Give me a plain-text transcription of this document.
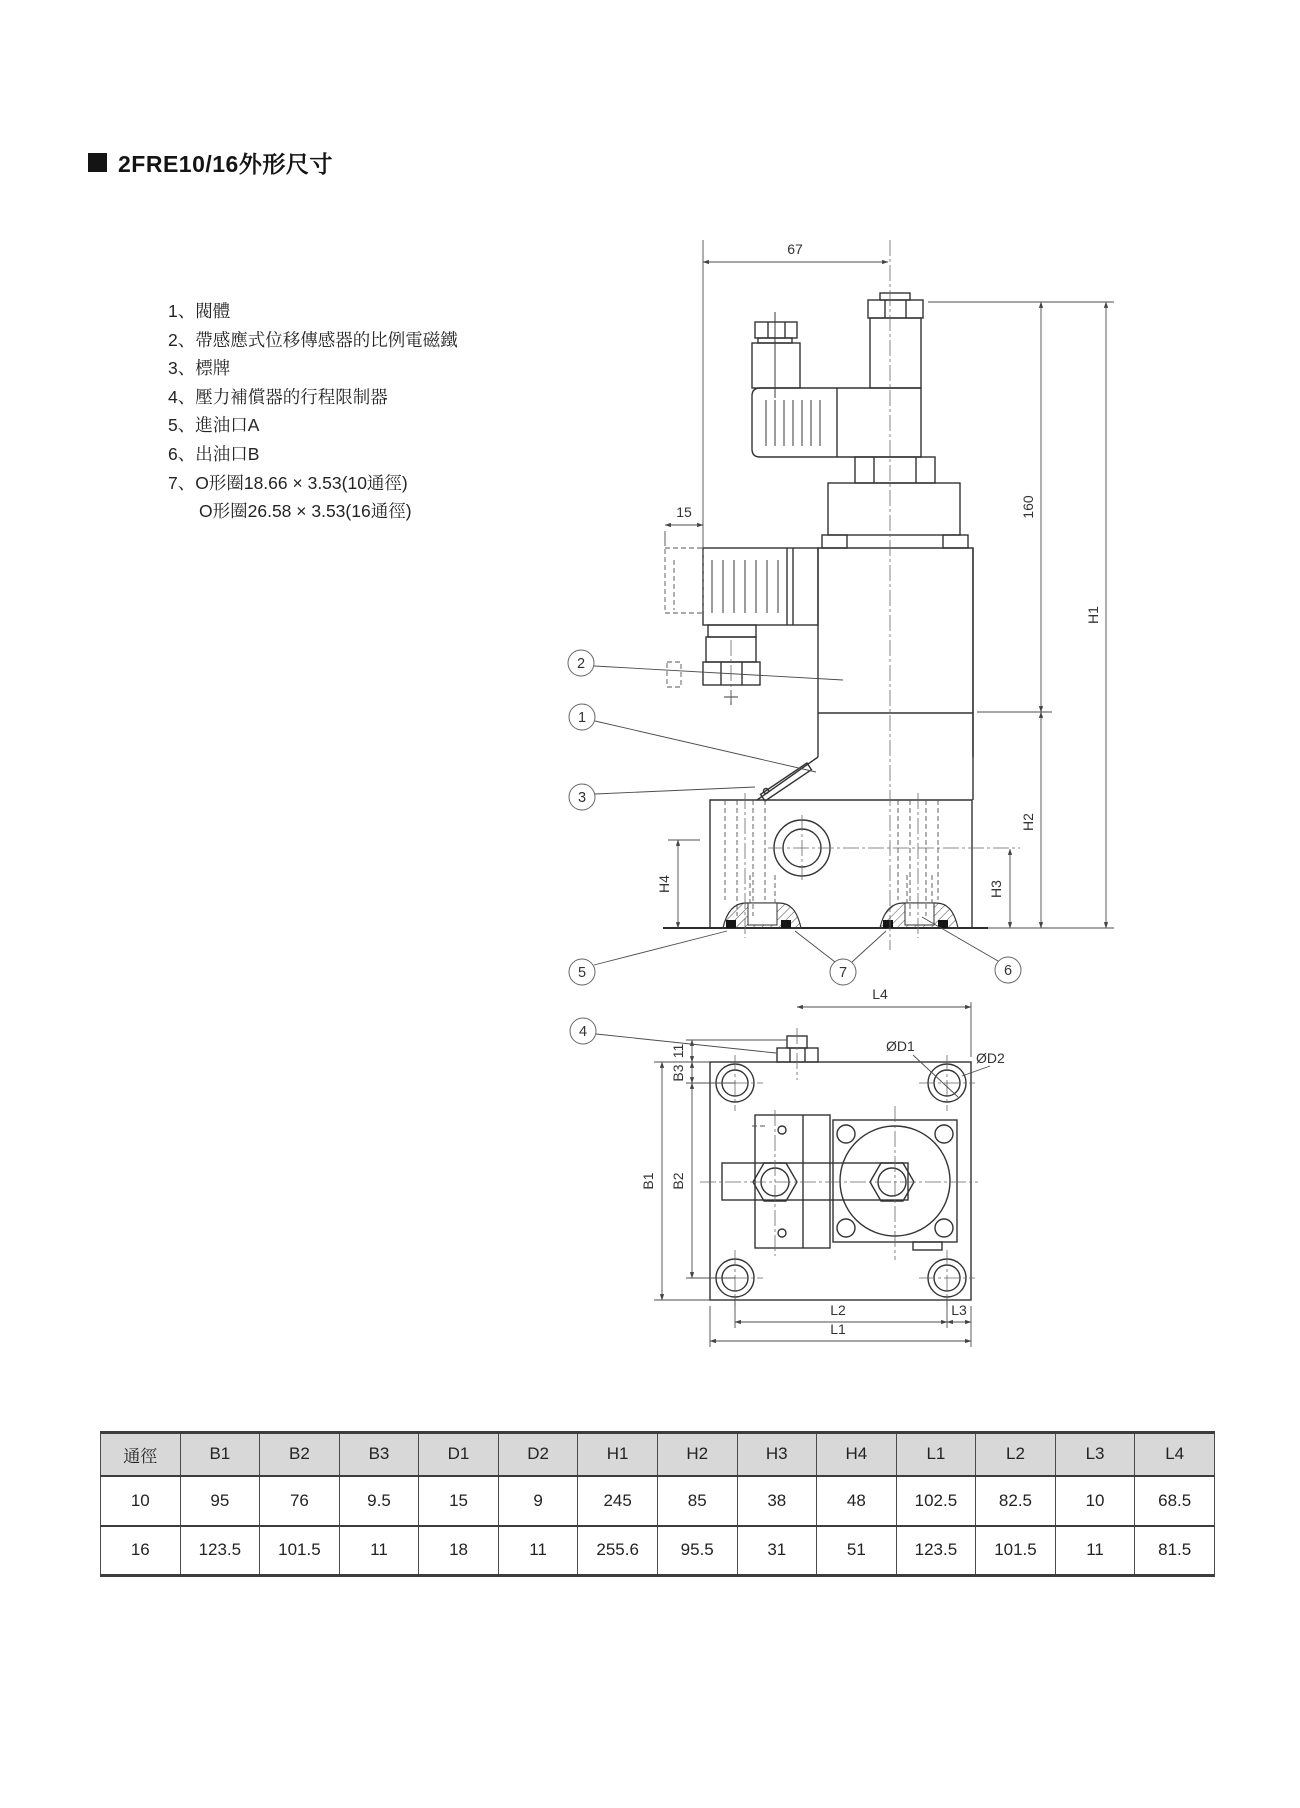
2FRE10/16外形尺寸
1、閥體
2、帶感應式位移傳感器的比例電磁鐵
3、標牌
4、壓力補償器的行程限制器
5、進油口A
6、出油口B
7、O形圈18.66 × 3.53(10通徑)
O形圈26.58 × 3.53(16通徑)
67
15	160
H1
H2
H3
H4
2
1
3
5	7	6
L4
11
B3
B2
B1
L2	L3
L1
ØD1
ØD2
4
通徑	B1	B2	B3	D1	D2	H1	H2	H3	H4	L1	L2	L3	L4
10	95	76	9.5	15	9	245	85	38	48	102.5	82.5	10	68.5
16	123.5	101.5	11	18	11	255.6	95.5	31	51	123.5	101.5	11	81.5
